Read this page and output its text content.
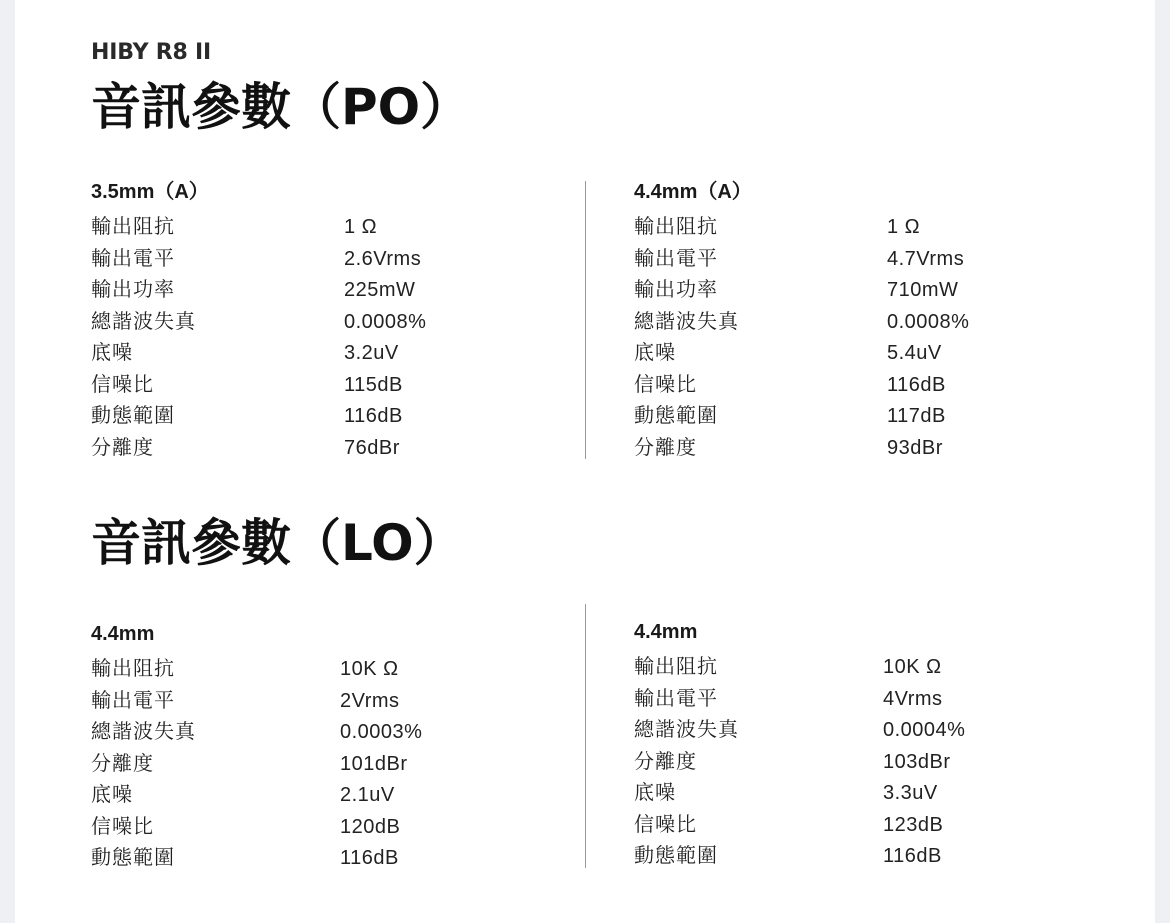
HIBY R8 II
音訊參數（PO）
3.5mm（A）
輸出阻抗	1 Ω
輸出電平	2.6Vrms
輸出功率	225mW
總諧波失真	0.0008%
底噪	3.2uV
信噪比	115dB
動態範圍	116dB
分離度	76dBr
4.4mm（A）
輸出阻抗	1 Ω
輸出電平	4.7Vrms
輸出功率	710mW
總諧波失真	0.0008%
底噪	5.4uV
信噪比	116dB
動態範圍	117dB
分離度	93dBr
音訊參數（LO）
4.4mm
輸出阻抗	10K Ω
輸出電平	2Vrms
總諧波失真	0.0003%
分離度	101dBr
底噪	2.1uV
信噪比	120dB
動態範圍	116dB
4.4mm
輸出阻抗	10K Ω
輸出電平	4Vrms
總諧波失真	0.0004%
分離度	103dBr
底噪	3.3uV
信噪比	123dB
動態範圍	116dB
